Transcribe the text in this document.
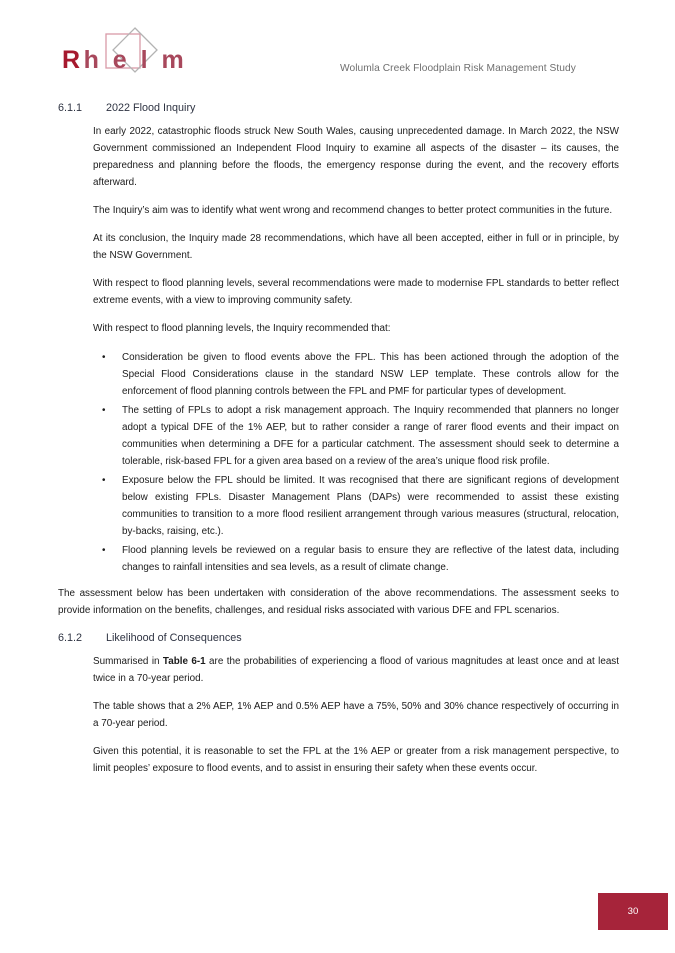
Rh e l m	Wolumla Creek Floodplain Risk Management Study
6.1.1	2022 Flood Inquiry

In early 2022, catastrophic floods struck New South Wales, causing unprecedented damage. In March 2022, the NSW Government commissioned an Independent Flood Inquiry to examine all aspects of the disaster – its causes, the preparedness and planning before the floods, the emergency response during the event, and the recovery efforts afterward.

The Inquiry’s aim was to identify what went wrong and recommend changes to better protect communities in the future.

At its conclusion, the Inquiry made 28 recommendations, which have all been accepted, either in full or in principle, by the NSW Government.

With respect to flood planning levels, several recommendations were made to modernise FPL standards to better reflect extreme events, with a view to improving community safety.

With respect to flood planning levels, the Inquiry recommended that:

• Consideration be given to flood events above the FPL. This has been actioned through the adoption of the Special Flood Considerations clause in the standard NSW LEP template. These controls allow for the enforcement of flood planning controls between the FPL and PMF for particular types of development.
• The setting of FPLs to adopt a risk management approach. The Inquiry recommended that planners no longer adopt a typical DFE of the 1% AEP, but to rather consider a range of rarer flood events and their impact on communities when determining a DFE for a particular catchment. The assessment should seek to determine a tolerable, risk-based FPL for a given area based on a review of the area’s unique flood risk profile.
• Exposure below the FPL should be limited. It was recognised that there are significant regions of development below existing FPLs. Disaster Management Plans (DAPs) were recommended to assist these existing communities to transition to a more flood resilient arrangement through various measures (structural, relocation, by-backs, raising, etc.).
• Flood planning levels be reviewed on a regular basis to ensure they are reflective of the latest data, including changes to rainfall intensities and sea levels, as a result of climate change.

The assessment below has been undertaken with consideration of the above recommendations. The assessment seeks to provide information on the benefits, challenges, and residual risks associated with various DFE and FPL scenarios.

6.1.2	Likelihood of Consequences

Summarised in Table 6-1 are the probabilities of experiencing a flood of various magnitudes at least once and at least twice in a 70-year period.

The table shows that a 2% AEP, 1% AEP and 0.5% AEP have a 75%, 50% and 30% chance respectively of occurring in a 70-year period.

Given this potential, it is reasonable to set the FPL at the 1% AEP or greater from a risk management perspective, to limit peoples’ exposure to flood events, and to assist in ensuring their safety when these events occur.

30
